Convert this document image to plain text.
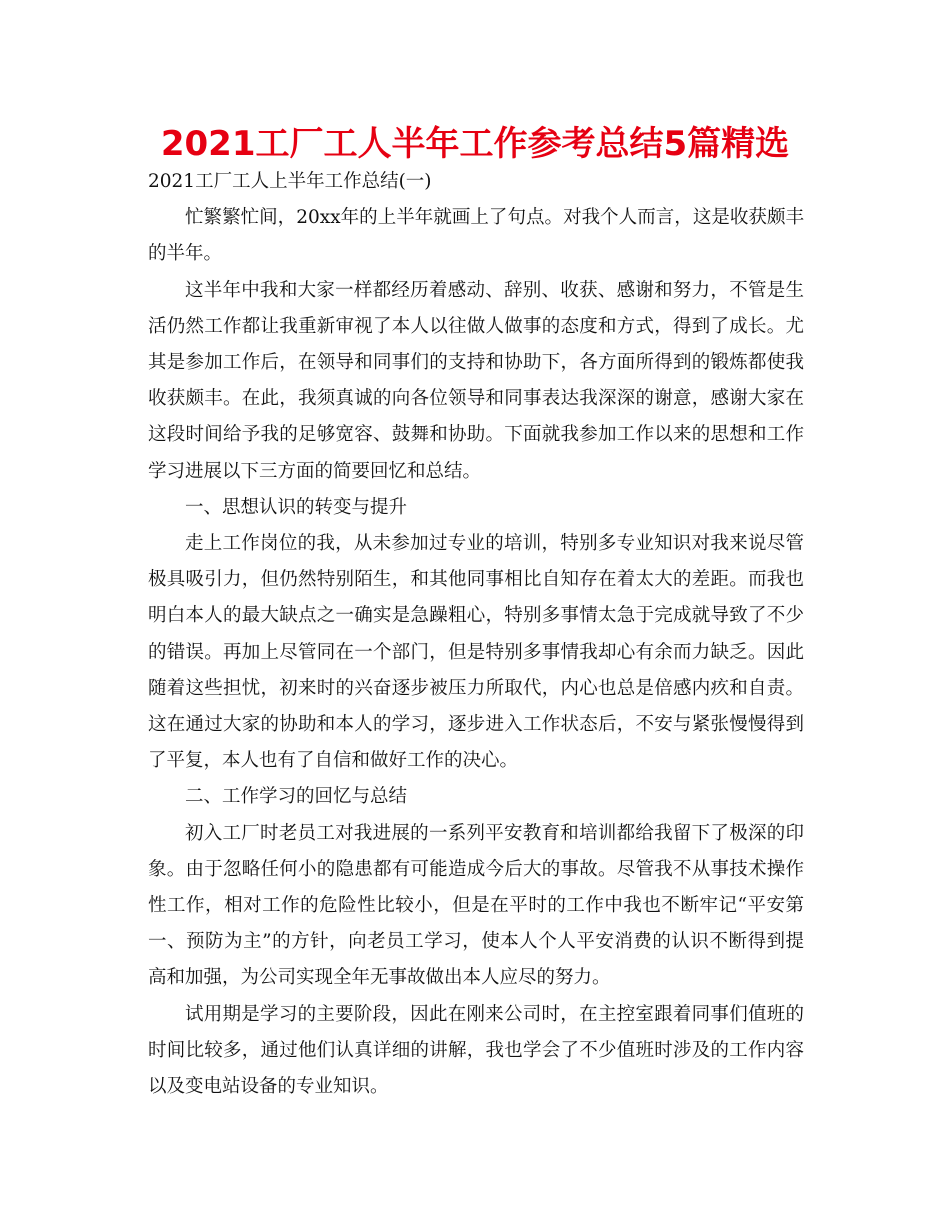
2021工厂工人半年工作参考总结5篇精选

2021工厂工人上半年工作总结(一)

忙繁繁忙间，20xx年的上半年就画上了句点。对我个人而言，这是收获颇丰的半年。

这半年中我和大家一样都经历着感动、辞别、收获、感谢和努力，不管是生活仍然工作都让我重新审视了本人以往做人做事的态度和方式，得到了成长。尤其是参加工作后，在领导和同事们的支持和协助下，各方面所得到的锻炼都使我收获颇丰。在此，我须真诚的向各位领导和同事表达我深深的谢意，感谢大家在这段时间给予我的足够宽容、鼓舞和协助。下面就我参加工作以来的思想和工作学习进展以下三方面的简要回忆和总结。

一、思想认识的转变与提升

走上工作岗位的我，从未参加过专业的培训，特别多专业知识对我来说尽管极具吸引力，但仍然特别陌生，和其他同事相比自知存在着太大的差距。而我也明白本人的最大缺点之一确实是急躁粗心，特别多事情太急于完成就导致了不少的错误。再加上尽管同在一个部门，但是特别多事情我却心有余而力缺乏。因此随着这些担忧，初来时的兴奋逐步被压力所取代，内心也总是倍感内疚和自责。这在通过大家的协助和本人的学习，逐步进入工作状态后，不安与紧张慢慢得到了平复，本人也有了自信和做好工作的决心。

二、工作学习的回忆与总结

初入工厂时老员工对我进展的一系列平安教育和培训都给我留下了极深的印象。由于忽略任何小的隐患都有可能造成今后大的事故。尽管我不从事技术操作性工作，相对工作的危险性比较小，但是在平时的工作中我也不断牢记“平安第一、预防为主”的方针，向老员工学习，使本人个人平安消费的认识不断得到提高和加强，为公司实现全年无事故做出本人应尽的努力。

试用期是学习的主要阶段，因此在刚来公司时，在主控室跟着同事们值班的时间比较多，通过他们认真详细的讲解，我也学会了不少值班时涉及的工作内容以及变电站设备的专业知识。
